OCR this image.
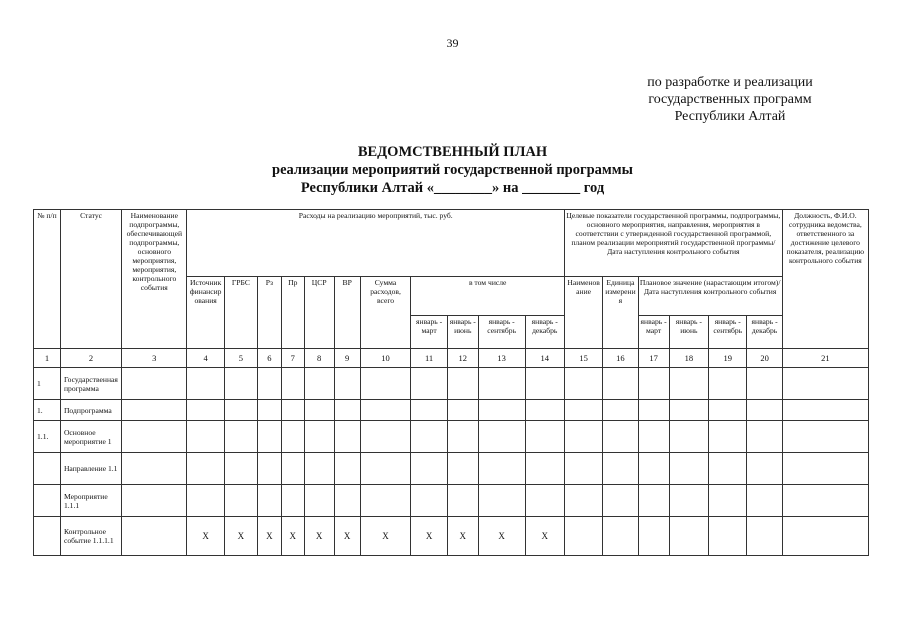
39
по разработке и реализации
государственных программ
Республики Алтай
ВЕДОМСТВЕННЫЙ ПЛАН
реализации мероприятий государственной программы
Республики Алтай «________» на ________ год
№ п/п	Статус	Наименование подпрограммы, обеспечивающей подпрограммы, основного мероприятия, мероприятия, контрольного события	Расходы на реализацию мероприятий, тыс. руб.											Целевые показатели государственной программы, подпрограммы, основного мероприятия, направления, мероприятия в соответствии с утвержденной государственной программой, планом реализации мероприятий государственной программы/Дата наступления контрольного события						Должность, Ф.И.О. сотрудника ведомства, ответственного за достижение целевого показателя, реализацию контрольного события
			Источник финансирования	ГРБС	Рз	Пр	ЦСР	ВР	Сумма расходов, всего	в том числе				Наименование	Единица измерения	Плановое значение (нарастающим итогом)/Дата наступления контрольного события				
										январь - март	январь - июнь	январь - сентябрь	январь - декабрь			январь - март	январь - июнь	январь - сентябрь	январь - декабрь	
1	2	3	4	5	6	7	8	9	10	11	12	13	14	15	16	17	18	19	20	21
1	Государственная программа																			
1.	Подпрограмма																			
1.1.	Основное мероприятие 1																			
	Направление 1.1																			
	Мероприятие 1.1.1																			
	Контрольное событие 1.1.1.1		X	X	X	X	X	X	X	X	X	X	X							
